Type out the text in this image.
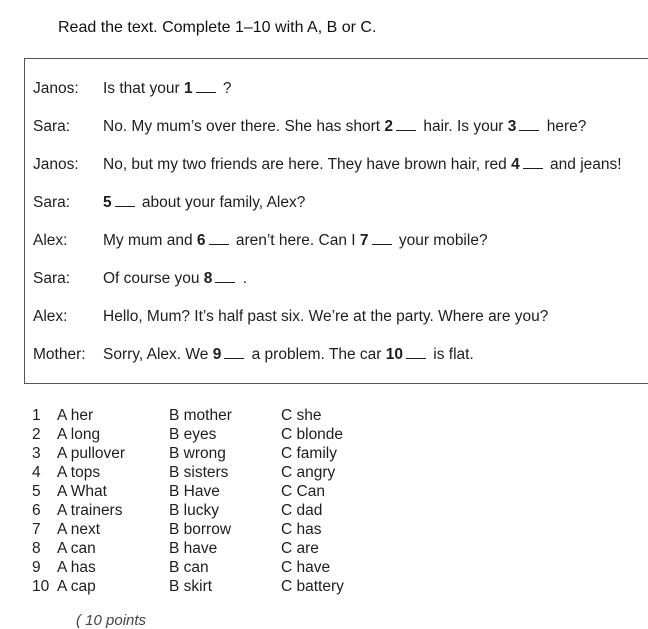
Read the text. Complete 1–10 with A, B or C.
Janos: Is that your 1 ?
Sara: No. My mum’s over there. She has short 2 hair. Is your 3 here?
Janos: No, but my two friends are here. They have brown hair, red 4 and jeans!
Sara: 5 about your family, Alex?
Alex: My mum and 6 aren’t here. Can I 7 your mobile?
Sara: Of course you 8 .
Alex: Hello, Mum? It’s half past six. We’re at the party. Where are you?
Mother: Sorry, Alex. We 9 a problem. The car 10 is flat.
1 A her	B mother	C she
2 A long	B eyes	C blonde
3 A pullover	B wrong	C family
4 A tops	B sisters	C angry
5 A What	B Have	C Can
6 A trainers	B lucky	C dad
7 A next	B borrow	C has
8 A can	B have	C are
9 A has	B can	C have
10 A cap	B skirt	C battery
( 10 points
